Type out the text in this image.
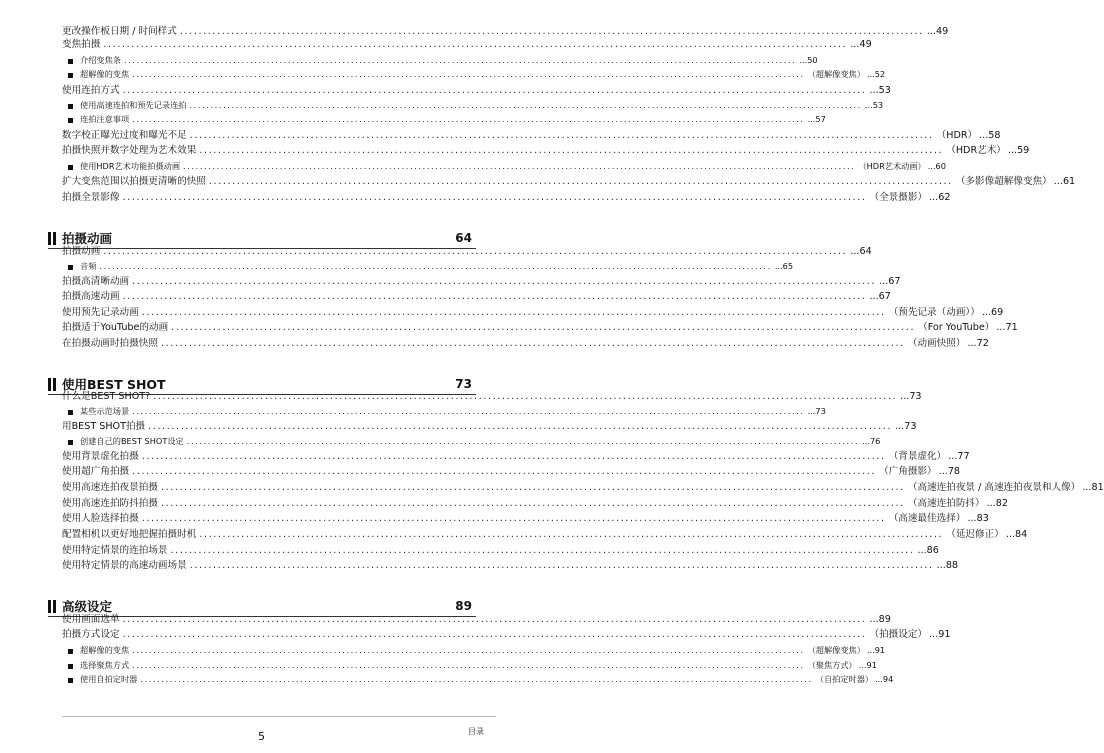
更改操作板日期 / 时间样式 ................................................................................................................................................................ ... 49
变焦拍摄 ................................................................................................................................................................ ... 49
介绍变焦条 ................................................................................................................................................................ ... 50
超解像的变焦 ................................................................................................................................................................ （超解像变焦） ... 52
使用连拍方式 ................................................................................................................................................................ ... 53
使用高速连拍和预先记录连拍 ................................................................................................................................................................ ... 53
连拍注意事项 ................................................................................................................................................................ ... 57
数字校正曝光过度和曝光不足 ................................................................................................................................................................ （HDR） ... 58
拍摄快照并数字处理为艺术效果 ................................................................................................................................................................ （HDR艺术） ... 59
使用HDR艺术功能拍摄动画 ................................................................................................................................................................ （HDR艺术动画） ... 60
扩大变焦范围以拍摄更清晰的快照 ................................................................................................................................................................ （多影像超解像变焦） ... 61
拍摄全景影像 ................................................................................................................................................................ （全景摄影） ... 62
拍摄动画	64
拍摄动画 ................................................................................................................................................................ ... 64
音频 ................................................................................................................................................................ ... 65
拍摄高清晰动画 ................................................................................................................................................................ ... 67
拍摄高速动画 ................................................................................................................................................................ ... 67
使用预先记录动画 ................................................................................................................................................................ （预先记录（动画）） ... 69
拍摄适于YouTube的动画 ................................................................................................................................................................ （For YouTube） ... 71
在拍摄动画时拍摄快照 ................................................................................................................................................................ （动画快照） ... 72
使用BEST SHOT	73
什么是BEST SHOT? ................................................................................................................................................................ ... 73
某些示范场景 ................................................................................................................................................................ ... 73
用BEST SHOT拍摄 ................................................................................................................................................................ ... 73
创建自己的BEST SHOT设定 ................................................................................................................................................................ ... 76
使用背景虚化拍摄 ................................................................................................................................................................ （背景虚化） ... 77
使用超广角拍摄 ................................................................................................................................................................ （广角摄影） ... 78
使用高速连拍夜景拍摄 ................................................................................................................................................................ （高速连拍夜景 / 高速连拍夜景和人像） ... 81
使用高速连拍防抖拍摄 ................................................................................................................................................................ （高速连拍防抖） ... 82
使用人脸选择拍摄 ................................................................................................................................................................ （高速最佳选择） ... 83
配置相机以更好地把握拍摄时机 ................................................................................................................................................................ （延迟修正） ... 84
使用特定情景的连拍场景 ................................................................................................................................................................ ... 86
使用特定情景的高速动画场景 ................................................................................................................................................................ ... 88
高级设定	89
使用画面选单 ................................................................................................................................................................ ... 89
拍摄方式设定 ................................................................................................................................................................ （拍摄设定） ... 91
超解像的变焦 ................................................................................................................................................................ （超解像变焦） ... 91
选择聚焦方式 ................................................................................................................................................................ （聚焦方式） ... 91
使用自拍定时器 ................................................................................................................................................................ （自拍定时器） ... 94
5	目录
